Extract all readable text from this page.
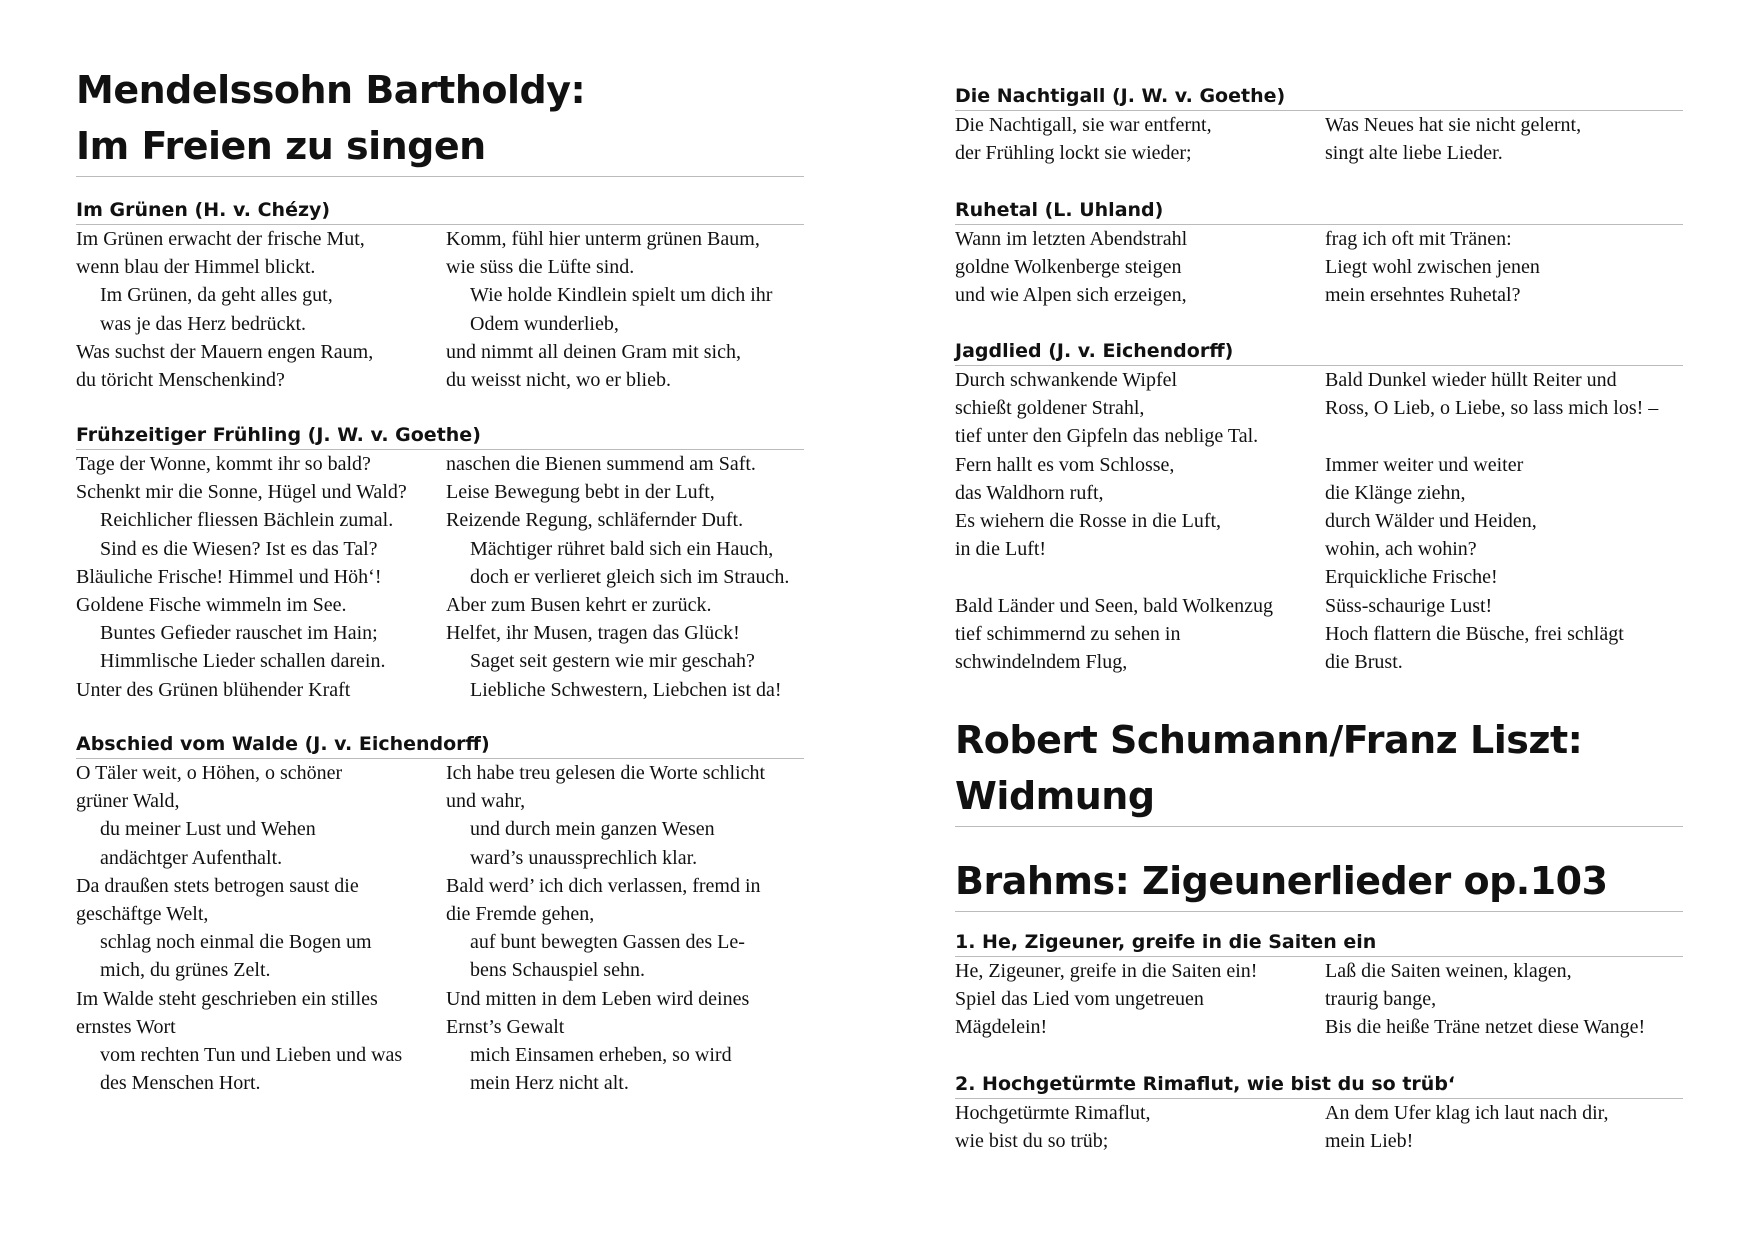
Mendelssohn Bartholdy:
Im Freien zu singen
Im Grünen (H. v. Chézy)
Im Grünen erwacht der frische Mut,
wenn blau der Himmel blickt.
Im Grünen, da geht alles gut,
was je das Herz bedrückt.
Was suchst der Mauern engen Raum,
du töricht Menschenkind?
Komm, fühl hier unterm grünen Baum,
wie süss die Lüfte sind.
Wie holde Kindlein spielt um dich ihr
Odem wunderlieb,
und nimmt all deinen Gram mit sich,
du weisst nicht, wo er blieb.
Frühzeitiger Frühling (J. W. v. Goethe)
Tage der Wonne, kommt ihr so bald?
Schenkt mir die Sonne, Hügel und Wald?
Reichlicher fliessen Bächlein zumal.
Sind es die Wiesen? Ist es das Tal?
Bläuliche Frische! Himmel und Höh‘!
Goldene Fische wimmeln im See.
Buntes Gefieder rauschet im Hain;
Himmlische Lieder schallen darein.
Unter des Grünen blühender Kraft
naschen die Bienen summend am Saft.
Leise Bewegung bebt in der Luft,
Reizende Regung, schläfernder Duft.
Mächtiger rühret bald sich ein Hauch,
doch er verlieret gleich sich im Strauch.
Aber zum Busen kehrt er zurück.
Helfet, ihr Musen, tragen das Glück!
Saget seit gestern wie mir geschah?
Liebliche Schwestern, Liebchen ist da!
Abschied vom Walde (J. v. Eichendorff)
O Täler weit, o Höhen, o schöner
grüner Wald,
du meiner Lust und Wehen
andächtger Aufenthalt.
Da draußen stets betrogen saust die
geschäftge Welt,
schlag noch einmal die Bogen um
mich, du grünes Zelt.
Im Walde steht geschrieben ein stilles
ernstes Wort
vom rechten Tun und Lieben und was
des Menschen Hort.
Ich habe treu gelesen die Worte schlicht
und wahr,
und durch mein ganzen Wesen
ward’s unaussprechlich klar.
Bald werd’ ich dich verlassen, fremd in
die Fremde gehen,
auf bunt bewegten Gassen des Le-
bens Schauspiel sehn.
Und mitten in dem Leben wird deines
Ernst’s Gewalt
mich Einsamen erheben, so wird
mein Herz nicht alt.
Die Nachtigall (J. W. v. Goethe)
Die Nachtigall, sie war entfernt,
der Frühling lockt sie wieder;
Was Neues hat sie nicht gelernt,
singt alte liebe Lieder.
Ruhetal (L. Uhland)
Wann im letzten Abendstrahl
goldne Wolkenberge steigen
und wie Alpen sich erzeigen,
frag ich oft mit Tränen:
Liegt wohl zwischen jenen
mein ersehntes Ruhetal?
Jagdlied (J. v. Eichendorff)
Durch schwankende Wipfel
schießt goldener Strahl,
tief unter den Gipfeln das neblige Tal.
Fern hallt es vom Schlosse,
das Waldhorn ruft,
Es wiehern die Rosse in die Luft,
in die Luft!
Bald Länder und Seen, bald Wolkenzug
tief schimmernd zu sehen in
schwindelndem Flug,
Bald Dunkel wieder hüllt Reiter und
Ross, O Lieb, o Liebe, so lass mich los! –
Immer weiter und weiter
die Klänge ziehn,
durch Wälder und Heiden,
wohin, ach wohin?
Erquickliche Frische!
Süss-schaurige Lust!
Hoch flattern die Büsche, frei schlägt
die Brust.
Robert Schumann/Franz Liszt:
Widmung
Brahms: Zigeunerlieder op.103
1. He, Zigeuner, greife in die Saiten ein
He, Zigeuner, greife in die Saiten ein!
Spiel das Lied vom ungetreuen
Mägdelein!
Laß die Saiten weinen, klagen,
traurig bange,
Bis die heiße Träne netzet diese Wange!
2. Hochgetürmte Rimaflut, wie bist du so trüb‘
Hochgetürmte Rimaflut,
wie bist du so trüb;
An dem Ufer klag ich laut nach dir,
mein Lieb!
